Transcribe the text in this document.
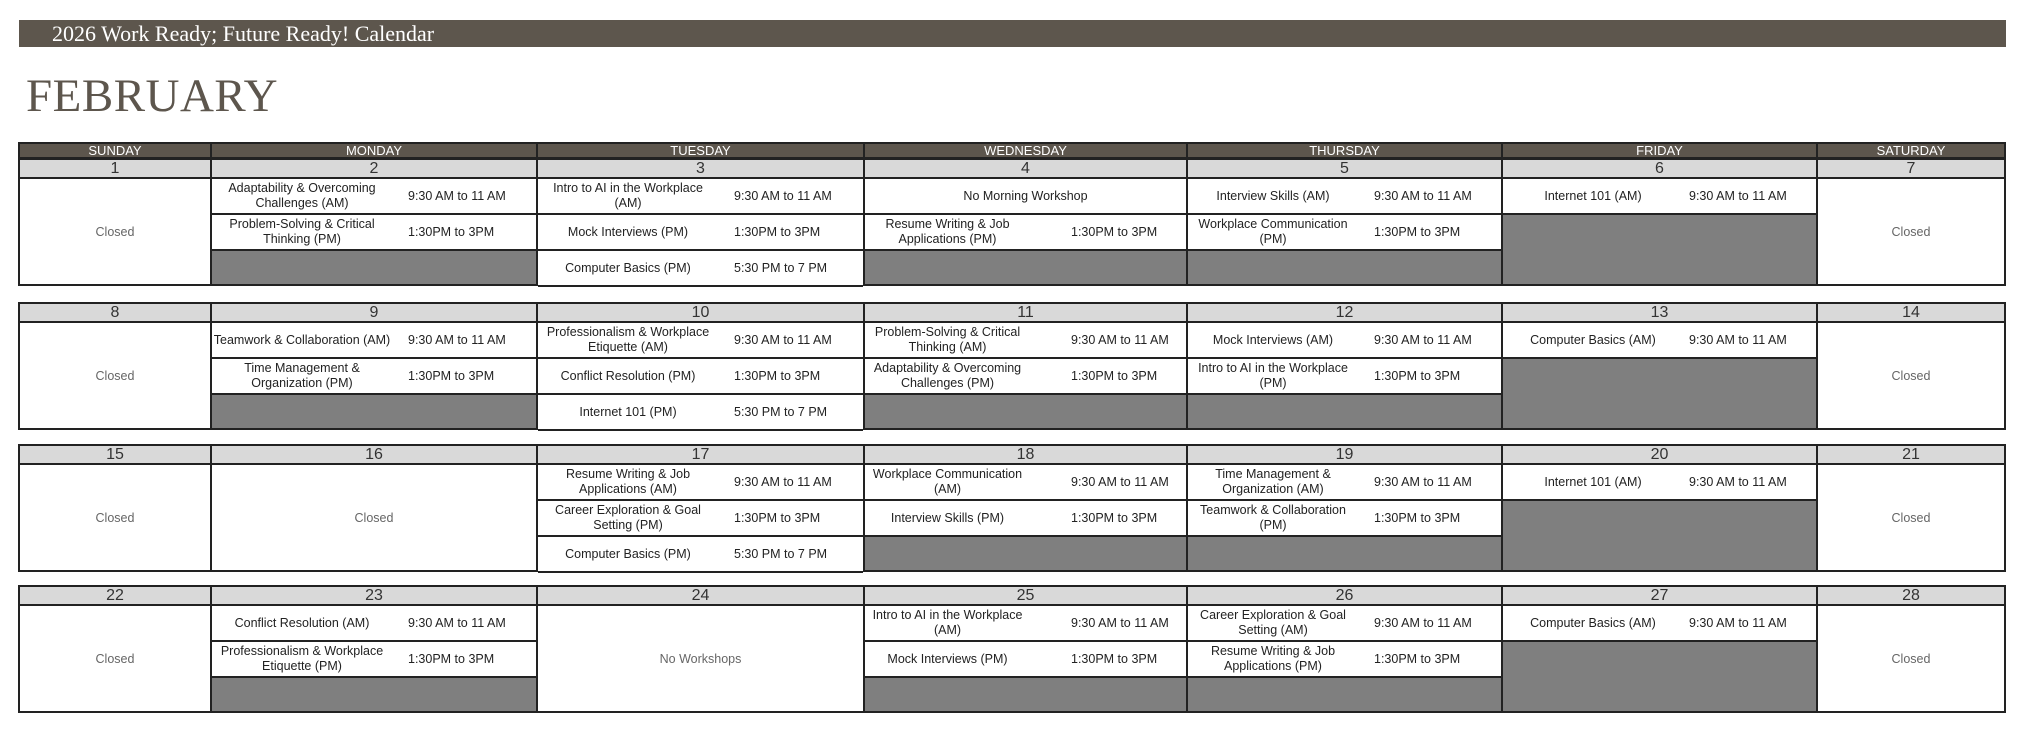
2026 Work Ready; Future Ready! Calendar
FEBRUARY
SUNDAY	MONDAY	TUESDAY	WEDNESDAY	THURSDAY	FRIDAY	SATURDAY
1
Closed
2
Adaptability & Overcoming Challenges (AM)	9:30 AM to 11 AM
Problem-Solving & Critical Thinking (PM)	1:30PM to 3PM
3
Intro to AI in the Workplace (AM)	9:30 AM to 11 AM
Mock Interviews (PM)	1:30PM to 3PM
Computer Basics (PM)	5:30 PM to 7 PM
4
No Morning Workshop
Resume Writing & Job Applications (PM)	1:30PM to 3PM
5
Interview Skills (AM)	9:30 AM to 11 AM
Workplace Communication (PM)	1:30PM to 3PM
6
Internet 101 (AM)	9:30 AM to 11 AM
7
Closed
8
Closed
9
Teamwork & Collaboration (AM) 9:30 AM to 11 AM
Time Management & Organization (PM)	1:30PM to 3PM
10
Professionalism & Workplace Etiquette (AM)	9:30 AM to 11 AM
Conflict Resolution (PM)	1:30PM to 3PM
Internet 101 (PM)	5:30 PM to 7 PM
11
Problem-Solving & Critical Thinking (AM)	9:30 AM to 11 AM
Adaptability & Overcoming Challenges (PM)	1:30PM to 3PM
12
Mock Interviews (AM)	9:30 AM to 11 AM
Intro to AI in the Workplace (PM)	1:30PM to 3PM
13
Computer Basics (AM)	9:30 AM to 11 AM
14
Closed
15
Closed
16
Closed
17
Resume Writing & Job Applications (AM)	9:30 AM to 11 AM
Career Exploration & Goal Setting (PM)	1:30PM to 3PM
Computer Basics (PM)	5:30 PM to 7 PM
18
Workplace Communication (AM)	9:30 AM to 11 AM
Interview Skills (PM)	1:30PM to 3PM
19
Time Management & Organization (AM)	9:30 AM to 11 AM
Teamwork & Collaboration (PM)	1:30PM to 3PM
20
Internet 101 (AM)	9:30 AM to 11 AM
21
Closed
22
Closed
23
Conflict Resolution (AM)	9:30 AM to 11 AM
Professionalism & Workplace Etiquette (PM)	1:30PM to 3PM
24
No Workshops
25
Intro to AI in the Workplace (AM)	9:30 AM to 11 AM
Mock Interviews (PM)	1:30PM to 3PM
26
Career Exploration & Goal Setting (AM)	9:30 AM to 11 AM
Resume Writing & Job Applications (PM)	1:30PM to 3PM
27
Computer Basics (AM)	9:30 AM to 11 AM
28
Closed
